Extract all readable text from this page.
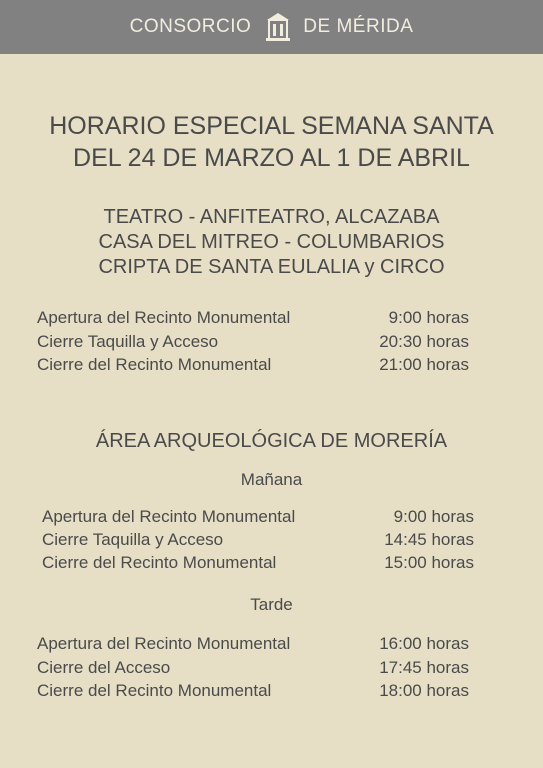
CONSORCIO	DE MÉRIDA
HORARIO ESPECIAL SEMANA SANTA
DEL 24 DE MARZO AL 1 DE ABRIL
TEATRO - ANFITEATRO, ALCAZABA
CASA DEL MITREO - COLUMBARIOS
CRIPTA DE SANTA EULALIA y CIRCO
Apertura del Recinto Monumental	9:00 horas
Cierre Taquilla y Acceso	20:30 horas
Cierre del Recinto Monumental	21:00 horas
ÁREA ARQUEOLÓGICA DE MORERÍA
Mañana
Apertura del Recinto Monumental	9:00 horas
Cierre Taquilla y Acceso	14:45 horas
Cierre del Recinto Monumental	15:00 horas
Tarde
Apertura del Recinto Monumental	16:00 horas
Cierre del Acceso	17:45 horas
Cierre del Recinto Monumental	18:00 horas
